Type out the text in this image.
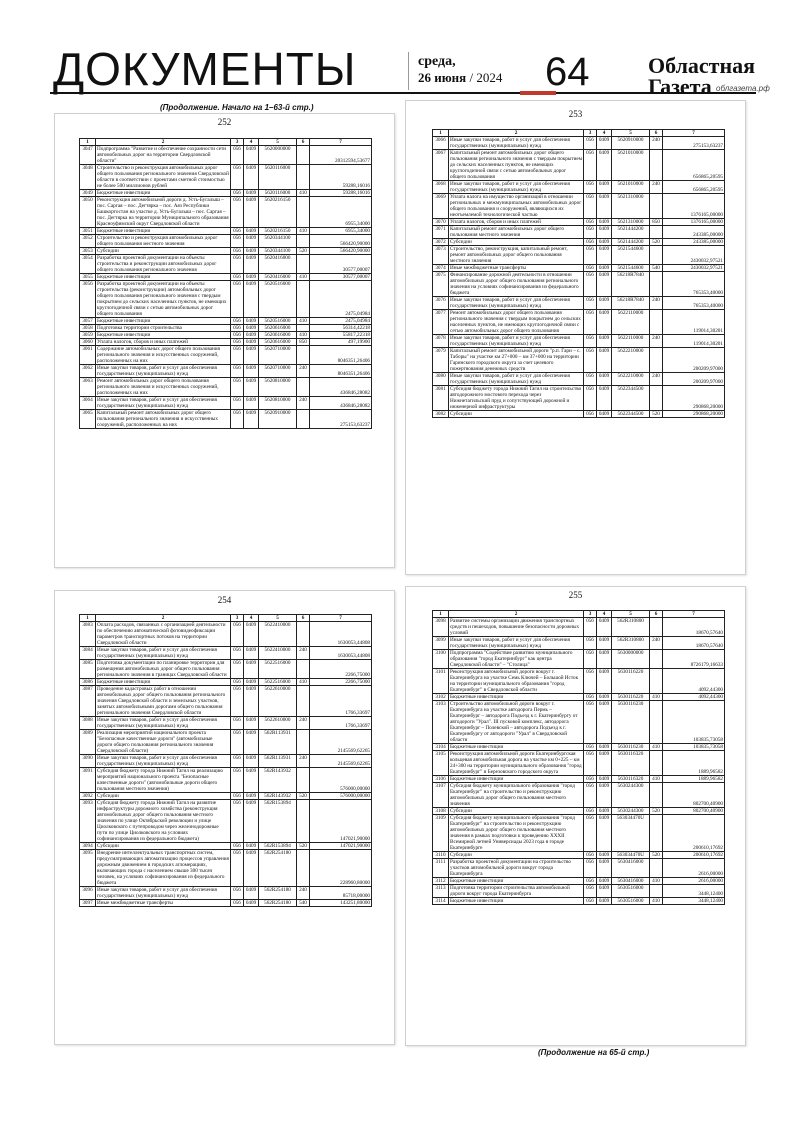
ДОКУМЕНТЫ	среда,
26 июня / 2024 64	Областная
Газета облгазета.рф
(Продолжение. Начало на 1–63-й стр.)
252
1	2	3	4	5	6	7
3047	Подпрограмма "Развитие и обеспечение сохранности сети автомобильных дорог на территории Свердловской области"	056	0409	5620000000		20312594,53677
3048	Строительство и реконструкция автомобильных дорог общего пользования регионального значения Свердловской области в соответствии с проектами сметной стоимостью не более 500 миллионов рублей	056	0409	5620116000		59288,16016
3049	Бюджетные инвестиции	056	0409	5620116000	410	59288,16016
3050	Реконструкция автомобильной дороги д. Усть-Бугалыш – пос. Саргая – пос. Дегтярка – пос. Аяз Республики Башкортостан на участке д. Усть-Бугалыш – пос. Саргая – пос. Дегтярка на территории Муниципального образования Красноуфимский округ Свердловской области	056	0409	5620216150		6955,34000
3051	Бюджетные инвестиции	056	0409	5620216150	410	6955,34000
3052	Строительство и реконструкция автомобильных дорог общего пользования местного значения	056	0409	5620344100		566420,90000
3053	Субсидии	056	0409	5620344100	520	566420,90000
3054	Разработка проектной документации на объекты строительства и реконструкции автомобильных дорог общего пользования регионального значения	056	0409	5620416000		30577,00007
3055	Бюджетные инвестиции	056	0409	5620416000	410	30577,00007
3056	Разработка проектной документации на объекты строительства (реконструкции) автомобильных дорог общего пользования регионального значения с твердым покрытием до сельских населенных пунктов, не имеющих круглогодичной связи с сетью автомобильных дорог общего пользования	056	0409	5620516000		2475,04984
3057	Бюджетные инвестиции	056	0409	5620516000	410	2475,04984
3058	Подготовка территории строительства	056	0409	5620616000		56314,42218
3059	Бюджетные инвестиции	056	0409	5620616000	410	55817,22318
3060	Уплата налогов, сборов и иных платежей	056	0409	5620616000	850	497,19900
3061	Содержание автомобильных дорог общего пользования регионального значения и искусственных сооружений, расположенных на них	056	0409	5620710000		8046351,26406
3062	Иные закупки товаров, работ и услуг для обеспечения государственных (муниципальных) нужд	056	0409	5620710000	240	8046351,26406
3063	Ремонт автомобильных дорог общего пользования регионального значения и искусственных сооружений, расположенных на них	056	0409	5620810000		436846,28082
3064	Иные закупки товаров, работ и услуг для обеспечения государственных (муниципальных) нужд	056	0409	5620810000	240	436846,28082
3065	Капитальный ремонт автомобильных дорог общего пользования регионального значения и искусственных сооружений, расположенных на них	056	0409	5620910000		275153,63237
253
1	2	3	4	5	6	7
3066	Иные закупки товаров, работ и услуг для обеспечения государственных (муниципальных) нужд	056	0409	5620910000	240	275153,63237
3067	Капитальный ремонт автомобильных дорог общего пользования регионального значения с твердым покрытием до сельских населенных пунктов, не имеющих круглогодичной связи с сетью автомобильных дорог общего пользования	056	0409	5621010000		656865,20595
3068	Иные закупки товаров, работ и услуг для обеспечения государственных (муниципальных) нужд	056	0409	5621010000	240	656865,20595
3069	Уплата налога на имущество организаций в отношении региональных и межмуниципальных автомобильных дорог общего пользования и сооружений, являющихся их неотъемлемой технологической частью	056	0409	5621310000		1376165,00000
3070	Уплата налогов, сборов и иных платежей	056	0409	5621310000	850	1376165,00000
3071	Капитальный ремонт автомобильных дорог общего пользования местного значения	056	0409	5621444200		243385,00000
3072	Субсидии	056	0409	5621444200	520	243385,00000
3073	Строительство, реконструкция, капитальный ремонт, ремонт автомобильных дорог общего пользования местного значения	056	0409	5621544600		2430032,97521
3074	Иные межбюджетные трансферты	056	0409	5621544600	540	2430032,97521
3075	Финансирование дорожной деятельности в отношении автомобильных дорог общего пользования регионального значения на условиях софинансирования из федерального бюджета	056	0409	56218R7840		765353,40000
3076	Иные закупки товаров, работ и услуг для обеспечения государственных (муниципальных) нужд	056	0409	56218R7840	240	765353,40000
3077	Ремонт автомобильных дорог общего пользования регионального значения с твердым покрытием до сельских населенных пунктов, не имеющих круглогодичной связи с сетью автомобильных дорог общего пользования	056	0409	5622110000		119014,30201
3078	Иные закупки товаров, работ и услуг для обеспечения государственных (муниципальных) нужд	056	0409	5622110000	240	119014,30201
3079	Капитальный ремонт автомобильной дороги "р.п. Гари – с. Таборы" на участке км 27+000 – км 37+000 на территории Гаринского городского округа за счет целевого пожертвования денежных средств	056	0409	5622210000		200209,97000
3080	Иные закупки товаров, работ и услуг для обеспечения государственных (муниципальных) нужд	056	0409	5622210000	240	200209,97000
3081	Субсидия бюджету города Нижний Тагил на строительство автодорожного мостового перехода через Нижнетагильский пруд и сопутствующей дорожной и инженерной инфраструктуры	056	0409	5622344500		290868,20000
3082	Субсидии	056	0409	5622344500	520	290868,20000
254
1	2	3	4	5	6	7
3083	Оплата расходов, связанных с организацией деятельности по обеспечению автоматической фотовидеофиксации параметров транспортных потоков на территории Свердловской области	056	0409	5622410000		1630053,44808
3084	Иные закупки товаров, работ и услуг для обеспечения государственных (муниципальных) нужд	056	0409	5622410000	240	1630053,44808
3085	Подготовка документации по планировке территории для размещения автомобильных дорог общего пользования регионального значения в границах Свердловской области	056	0409	5622516000		2266,75000
3086	Бюджетные инвестиции	056	0409	5622516000	410	2266,75000
3087	Проведение кадастровых работ в отношении автомобильных дорог общего пользования регионального значения Свердловской области и земельных участков, занятых автомобильными дорогами общего пользования регионального значения Свердловской области	056	0409	5622610000		1766,33697
3088	Иные закупки товаров, работ и услуг для обеспечения государственных (муниципальных) нужд	056	0409	5622610000	240	1766,33697
3089	Реализация мероприятий национального проекта "Безопасные качественные дороги" (автомобильные дороги общего пользования регионального значения Свердловской области)	056	0409	562R113931		2145569,62265
3090	Иные закупки товаров, работ и услуг для обеспечения государственных (муниципальных) нужд	056	0409	562R113931	240	2145569,62265
3091	Субсидия бюджету города Нижний Тагил на реализацию мероприятий национального проекта "Безопасные качественные дороги" (автомобильные дороги общего пользования местного значения)	056	0409	562R143932		576000,00000
3092	Субсидии	056	0409	562R143932	520	576000,00000
3093	Субсидия бюджету города Нижний Тагил на развитие инфраструктуры дорожного хозяйства (реконструкция автомобильных дорог общего пользования местного значения по улице Октябрьской революции и улице Циолковского с путепроводом через железнодорожные пути по улице Циолковского на условиях софинансирования из федерального бюджета)	056	0409	562R153894		147021,90000
3094	Субсидии	056	0409	562R153894	520	147021,90000
3095	Внедрение интеллектуальных транспортных систем, предусматривающих автоматизацию процессов управления дорожным движением в городских агломерациях, включающих города с населением свыше 300 тысяч человек, на условиях софинансирования из федерального бюджета	056	0409	562R254180		228960,80000
3096	Иные закупки товаров, работ и услуг для обеспечения государственных (муниципальных) нужд	056	0409	562R254180	240	85718,00000
3097	Иные межбюджетные трансферты	056	0409	562R254180	540	143251,80000
255
1	2	3	4	5	6	7
3098	Развитие системы организации движения транспортных средств и пешеходов, повышение безопасности дорожных условий	056	0409	562R310800		18670,57640
3099	Иные закупки товаров, работ и услуг для обеспечения государственных (муниципальных) нужд	056	0409	562R310800	240	18670,57640
3100	Подпрограмма "Содействие развитию муниципального образования "город Екатеринбург" как центра Свердловской области" – "Столица"	056	0409	5630000000		8726179,16633
3101	Реконструкция автомобильной дороги вокруг г. Екатеринбурга на участке Семь Ключей – Большой Исток на территории муниципального образования "город Екатеринбург" в Свердловской области	056	0409	5630116220		4092,44300
3102	Бюджетные инвестиции	056	0409	5630116220	410	4092,44300
3103	Строительство автомобильной дороги вокруг г. Екатеринбурга на участке автодорога Пермь – Екатеринбург – автодорога Подъезд к г. Екатеринбургу от автодороги "Урал". III пусковой комплекс, автодорога Екатеринбург – Полевской – автодорога Подъезд к г. Екатеринбургу от автодороги "Урал" в Свердловской области	056	0409	5630116230		103835,73058
3104	Бюджетные инвестиции	056	0409	5630116230	410	103835,73058
3105	Реконструкция автомобильной дороги Екатеринбургская кольцевая автомобильная дорога на участке км 0+225 – км 24+300 на территории муниципального образования "город Екатеринбург" и Березовского городского округа	056	0409	5630116320		1889,96582
3106	Бюджетные инвестиции	056	0409	5630116320	410	1889,96582
3107	Субсидия бюджету муниципального образования "город Екатеринбург" на строительство и реконструкцию автомобильных дорог общего пользования местного значения	056	0409	5630244300		802700,40900
3108	Субсидии	056	0409	5630244300	520	802700,40900
3109	Субсидия бюджету муниципального образования "город Екатеринбург" на строительство и реконструкцию автомобильных дорог общего пользования местного значения в рамках подготовки к проведению XXXII Всемирной летней Универсиады 2023 года в городе Екатеринбурге	056	0409	563034470U		200610,17692
3110	Субсидии	056	0409	563034470U	520	200610,17692
3111	Разработка проектной документации на строительство участков автомобильной дороги вокруг города Екатеринбурга	056	0409	5630416000		2616,00000
3112	Бюджетные инвестиции	056	0409	5630416000	410	2616,00000
3113	Подготовка территории строительства автомобильной дороги вокруг города Екатеринбурга	056	0409	5630516000		3448,12400
3114	Бюджетные инвестиции	056	0409	5630516000	410	3448,12400
(Продолжение на 65-й стр.)
